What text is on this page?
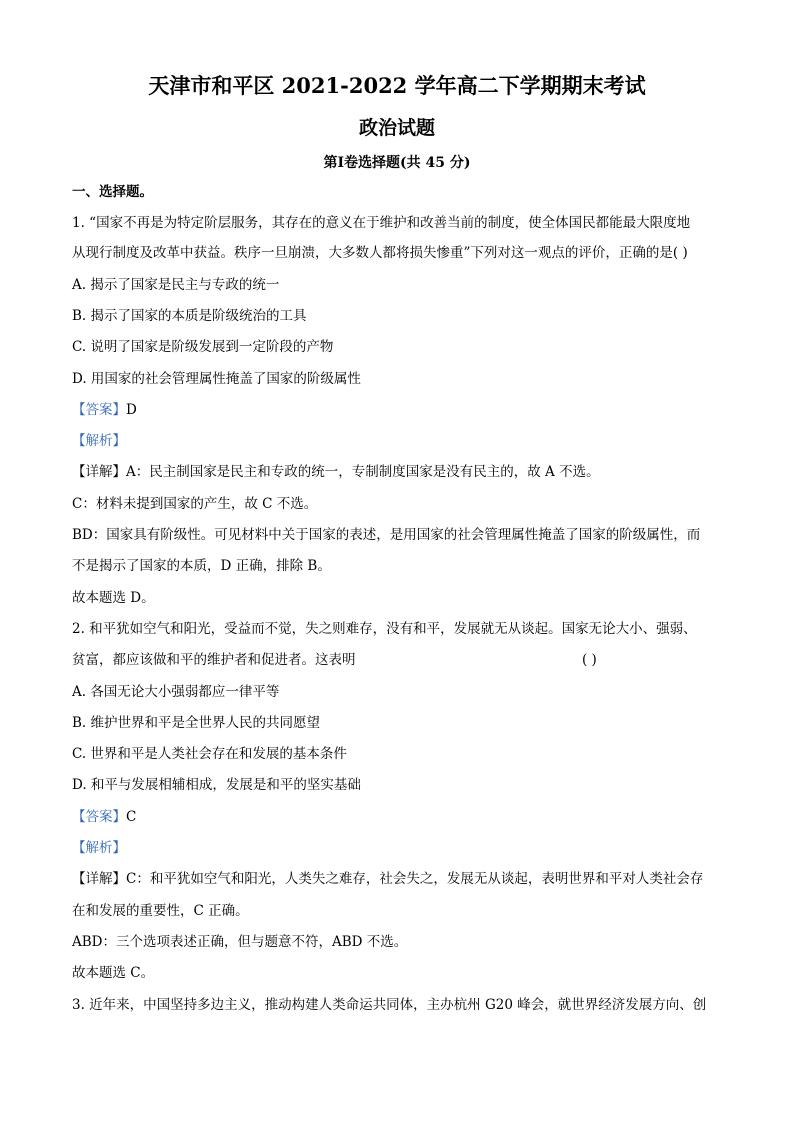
天津市和平区 2021-2022 学年高二下学期期末考试
政治试题
第Ⅰ卷选择题(共 45 分)
一、选择题。
1. “国家不再是为特定阶层服务，其存在的意义在于维护和改善当前的制度，使全体国民都能最大限度地
从现行制度及改革中获益。秩序一旦崩溃，大多数人都将损失惨重”下列对这一观点的评价，正确的是( )
A. 揭示了国家是民主与专政的统一
B. 揭示了国家的本质是阶级统治的工具
C. 说明了国家是阶级发展到一定阶段的产物
D. 用国家的社会管理属性掩盖了国家的阶级属性
【答案】D
【解析】
【详解】A：民主制国家是民主和专政的统一，专制制度国家是没有民主的，故 A 不选。
C：材料未提到国家的产生，故 C 不选。
BD：国家具有阶级性。可见材料中关于国家的表述，是用国家的社会管理属性掩盖了国家的阶级属性，而
不是揭示了国家的本质，D 正确，排除 B。
故本题选 D。
2. 和平犹如空气和阳光，受益而不觉，失之则难存，没有和平，发展就无从谈起。国家无论大小、强弱、
贫富，都应该做和平的维护者和促进者。这表明	( )
A. 各国无论大小强弱都应一律平等
B. 维护世界和平是全世界人民的共同愿望
C. 世界和平是人类社会存在和发展的基本条件
D. 和平与发展相辅相成，发展是和平的坚实基础
【答案】C
【解析】
【详解】C：和平犹如空气和阳光，人类失之难存，社会失之，发展无从谈起，表明世界和平对人类社会存
在和发展的重要性，C 正确。
ABD：三个选项表述正确，但与题意不符，ABD 不选。
故本题选 C。
3. 近年来，中国坚持多边主义，推动构建人类命运共同体，主办杭州 G20 峰会，就世界经济发展方向、创
